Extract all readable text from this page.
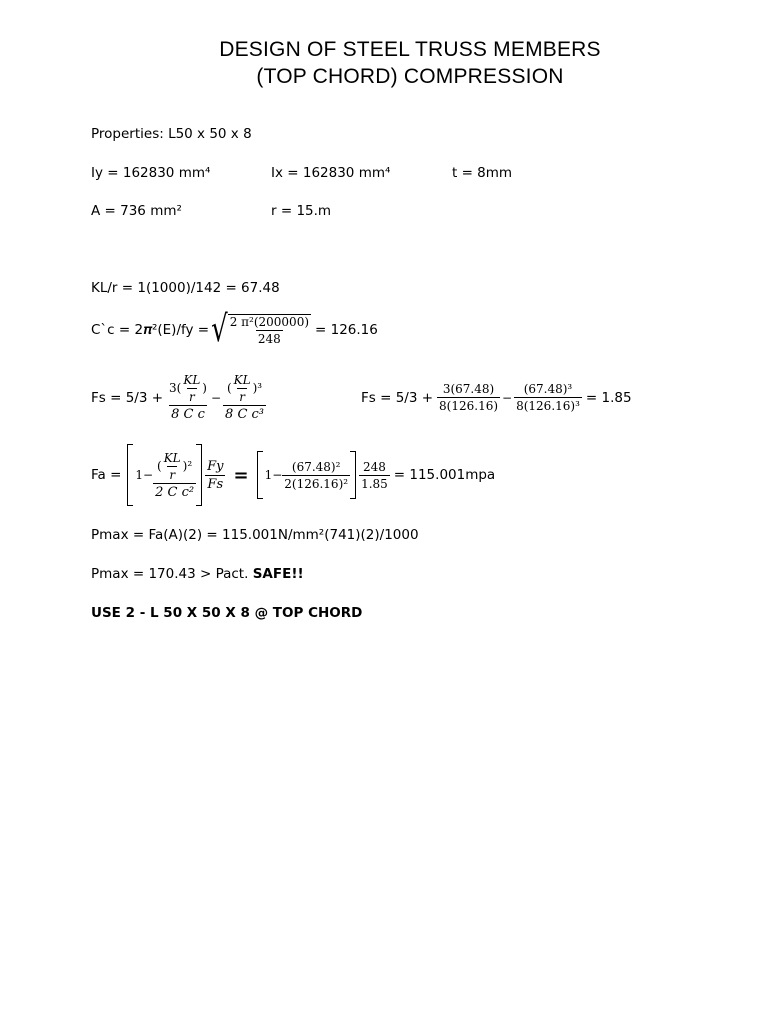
DESIGN OF STEEL TRUSS MEMBERS
(TOP CHORD) COMPRESSION
Properties: L50 x 50 x 8
Iy = 162830 mm⁴	Ix = 162830 mm⁴	t = 8mm
A = 736 mm²	r = 15.m
KL/r = 1(1000)/142 = 67.48
C`c = 2𝝅²(E)/fy = √ $\frac{\text{2 π²(200000)}}{248} = 126.16$
$Fs = 5/3 + \frac{3( \frac{KL}{r} )}{\text{8 C c}} - \frac{( \frac{KL}{r} )^3}{\text{8 C c³}}$	$Fs = 5/3 + \frac{3(67.48)}{8(126.16)} - \frac{\text{(67.48)³}}{\text{8(126.16)³}} = 1.85$
$Fa = 1- \frac{( \frac{KL}{r} )^2}{\text{2 C c²}} \frac{Fy}{Fs} = 1- \frac{\text{(67.48)²}}{\text{2(126.16)²}} \frac{248}{1.85} = 115.001mpa$
Pmax = Fa(A)(2) = 115.001N/mm²(741)(2)/1000
Pmax = 170.43 > Pact. SAFE!!
USE 2 - L 50 X 50 X 8 @ TOP CHORD
